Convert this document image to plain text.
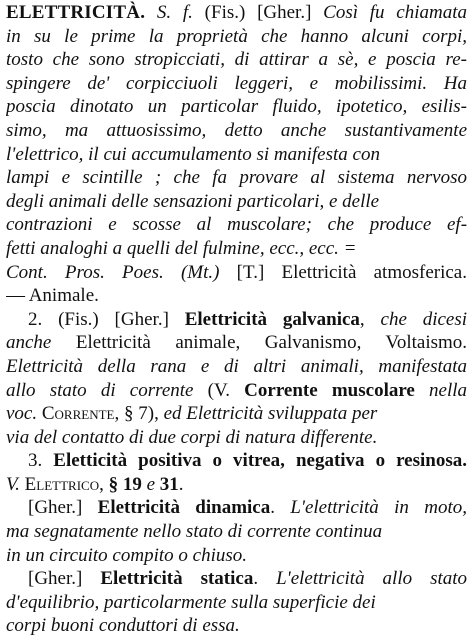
ELETTRICITÀ. S. f. (Fis.) [Gher.] Così fu chiamata
in su le prime la proprietà che hanno alcuni corpi,
tosto che sono stropicciati, di attirar a sè, e poscia re-
spingere de' corpicciuoli leggeri, e mobilissimi. Ha
poscia dinotato un particolar fluido, ipotetico, esilis-
simo, ma attuosissimo, detto anche sustantivamente
l'elettrico, il cui accumulamento si manifesta con
lampi e scintille ; che fa provare al sistema nervoso
degli animali delle sensazioni particolari, e delle
contrazioni e scosse al muscolare; che produce ef-
fetti analoghi a quelli del fulmine, ecc., ecc. =
Cont. Pros. Poes. (Mt.) [T.] Elettricità atmosferica.
— Animale.
2. (Fis.) [Gher.] Elettricità galvanica, che dicesi
anche Elettricità animale, Galvanismo, Voltaismo.
Elettricità della rana e di altri animali, manifestata
allo stato di corrente (V. Corrente muscolare nella
voc. Corrente, § 7), ed Elettricità sviluppata per
via del contatto di due corpi di natura differente.
3. Eletticità positiva o vitrea, negativa o resinosa.
V. Elettrico, § 19 e 31.
[Gher.] Elettricità dinamica. L'elettricità in moto,
ma segnatamente nello stato di corrente continua
in un circuito compito o chiuso.
[Gher.] Elettricità statica. L'elettricità allo stato
d'equilibrio, particolarmente sulla superficie dei
corpi buoni conduttori di essa.
